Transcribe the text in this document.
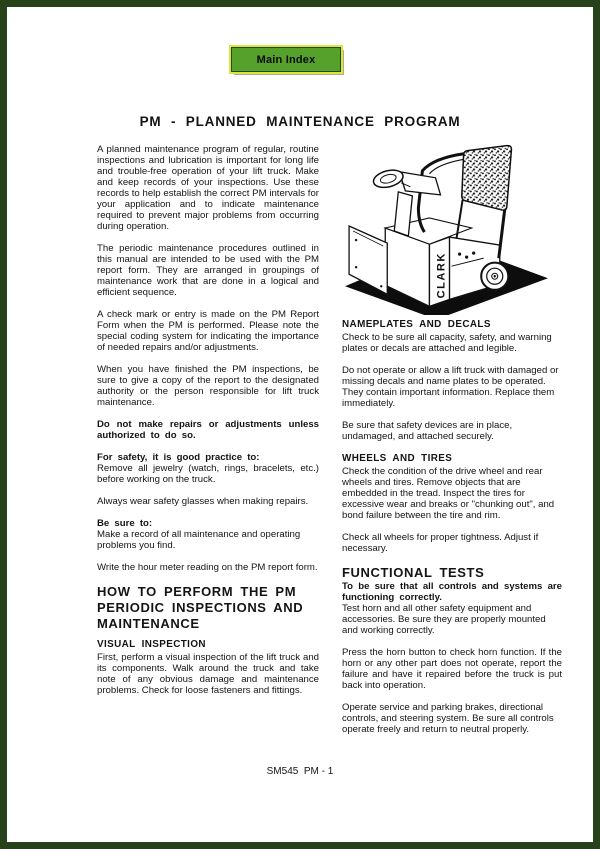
Main Index
PM - PLANNED MAINTENANCE PROGRAM

A planned maintenance program of regular, routine inspections and lubrication is important for long life and trouble-free operation of your lift truck. Make and keep records of your inspections. Use these records to help establish the correct PM intervals for your application and to indicate maintenance required to prevent major problems from occurring during operation.

The periodic maintenance procedures outlined in this manual are intended to be used with the PM report form. They are arranged in groupings of maintenance work that are done in a logical and efficient sequence.

A check mark or entry is made on the PM Report Form when the PM is performed. Please note the special coding system for indicating the importance of needed repairs and/or adjustments.

When you have finished the PM inspections, be sure to give a copy of the report to the designated authority or the person responsible for lift truck maintenance.

Do not make repairs or adjustments unless authorized to do so.

For safety, it is good practice to:
Remove all jewelry (watch, rings, bracelets, etc.) before working on the truck.

Always wear safety glasses when making repairs.

Be sure to:
Make a record of all maintenance and operating problems you find.

Write the hour meter reading on the PM report form.

HOW TO PERFORM THE PM PERIODIC INSPECTIONS AND MAINTENANCE
VISUAL INSPECTION

First, perform a visual inspection of the lift truck and its components. Walk around the truck and take note of any obvious damage and maintenance problems. Check for loose fasteners and fittings.

CLARK
NAMEPLATES AND DECALS

Check to be sure all capacity, safety, and warning plates or decals are attached and legible.

Do not operate or allow a lift truck with damaged or missing decals and name plates to be operated. They contain important information. Replace them immediately.

Be sure that safety devices are in place, undamaged, and attached securely.

WHEELS AND TIRES

Check the condition of the drive wheel and rear wheels and tires. Remove objects that are embedded in the tread. Inspect the tires for excessive wear and breaks or "chunking out", and bond failure between the tire and rim.

Check all wheels for proper tightness. Adjust if necessary.

FUNCTIONAL TESTS

To be sure that all controls and systems are functioning correctly.

Test horn and all other safety equipment and accessories. Be sure they are properly mounted and working correctly.

Press the horn button to check horn function. If the horn or any other part does not operate, report the failure and have it repaired before the truck is put back into operation.

Operate service and parking brakes, directional controls, and steering system. Be sure all controls operate freely and return to neutral properly.

SM545  PM - 1
